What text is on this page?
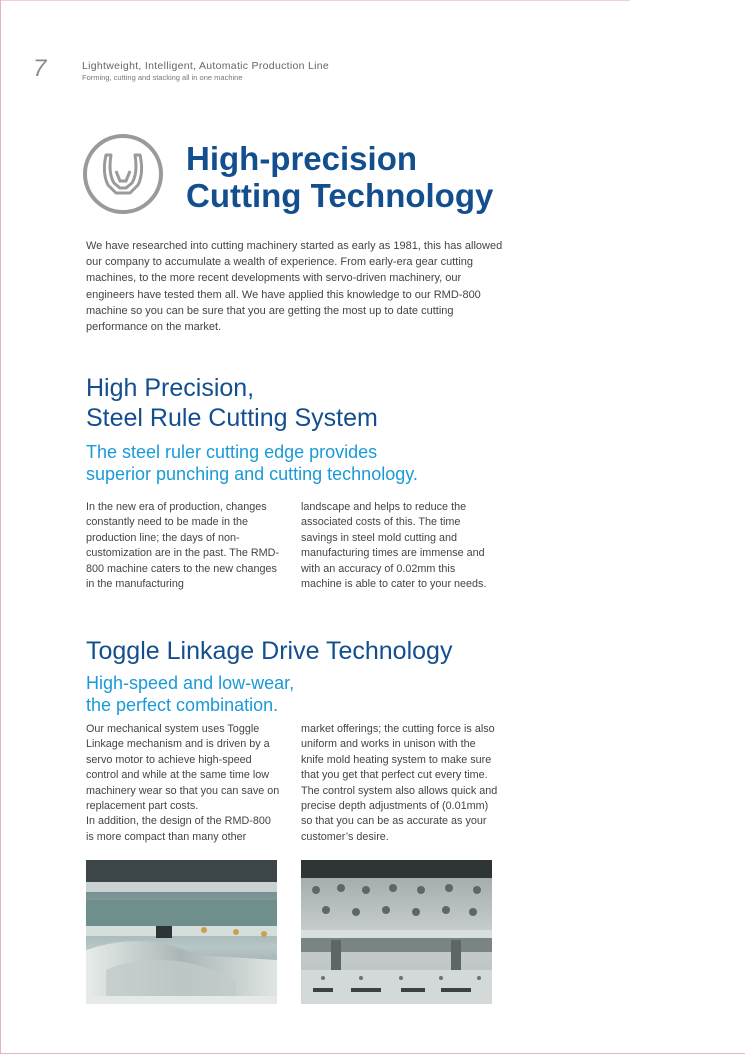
7	Lightweight, Intelligent, Automatic Production Line
Forming, cutting and stacking all in one machine
High-precision
Cutting Technology

We have researched into cutting machinery started as early as 1981, this has allowed our company to accumulate a wealth of experience. From early-era gear cutting machines, to the more recent developments with servo-driven machinery, our engineers have tested them all. We have applied this knowledge to our RMD-800 machine so you can be sure that you are getting the most up to date cutting performance on the market.

High Precision,
Steel Rule Cutting System
The steel ruler cutting edge provides
superior punching and cutting technology.

In the new era of production, changes constantly need to be made in the production line; the days of non-customization are in the past. The RMD-800 machine caters to the new changes in the manufacturing

landscape and helps to reduce the associated costs of this. The time savings in steel mold cutting and manufacturing times are immense and with an accuracy of 0.02mm this machine is able to cater to your needs.

Toggle Linkage Drive Technology
High-speed and low-wear,
the perfect combination.
Our mechanical system uses Toggle Linkage mechanism and is driven by a servo motor to achieve high-speed control and while at the same time low machinery wear so that you can save on replacement part costs.
In addition, the design of the RMD-800 is more compact than many other

market offerings; the cutting force is also uniform and works in unison with the knife mold heating system to make sure that you get that perfect cut every time. The control system also allows quick and precise depth adjustments of (0.01mm) so that you can be as accurate as your customer’s desire.
